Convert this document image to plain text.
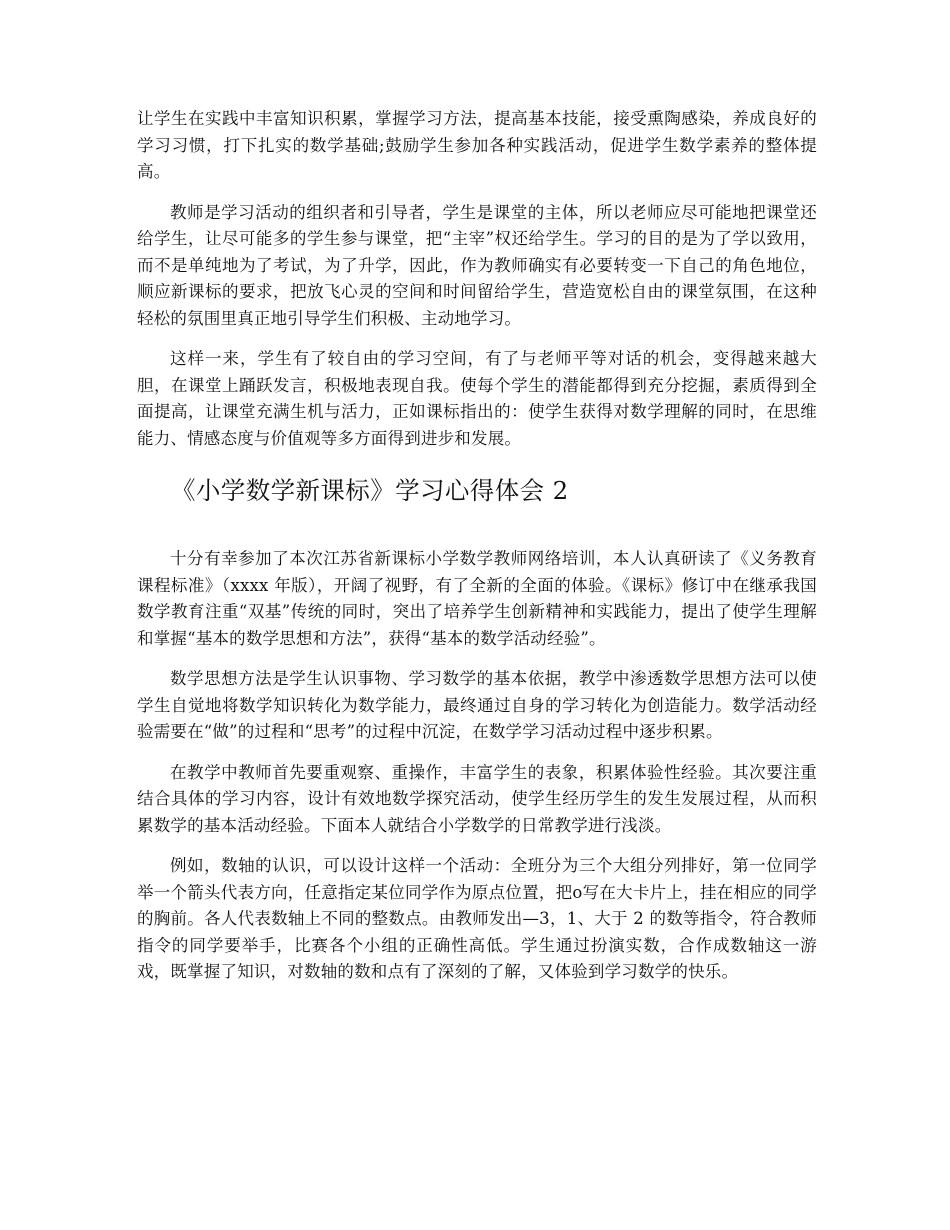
让学生在实践中丰富知识积累，掌握学习方法，提高基本技能，接受熏陶感染，养成良好的学习习惯，打下扎实的数学基础;鼓励学生参加各种实践活动，促进学生数学素养的整体提高。

教师是学习活动的组织者和引导者，学生是课堂的主体，所以老师应尽可能地把课堂还给学生，让尽可能多的学生参与课堂，把“主宰”权还给学生。学习的目的是为了学以致用，而不是单纯地为了考试，为了升学，因此，作为教师确实有必要转变一下自己的角色地位，顺应新课标的要求，把放飞心灵的空间和时间留给学生，营造宽松自由的课堂氛围，在这种轻松的氛围里真正地引导学生们积极、主动地学习。

这样一来，学生有了较自由的学习空间，有了与老师平等对话的机会，变得越来越大胆，在课堂上踊跃发言，积极地表现自我。使每个学生的潜能都得到充分挖掘，素质得到全面提高，让课堂充满生机与活力，正如课标指出的：使学生获得对数学理解的同时，在思维能力、情感态度与价值观等多方面得到进步和发展。

《小学数学新课标》学习心得体会 2

十分有幸参加了本次江苏省新课标小学数学教师网络培训，本人认真研读了《义务教育课程标准》（xxxx 年版），开阔了视野，有了全新的全面的体验。《课标》修订中在继承我国数学教育注重“双基”传统的同时，突出了培养学生创新精神和实践能力，提出了使学生理解和掌握“基本的数学思想和方法”，获得“基本的数学活动经验”。

数学思想方法是学生认识事物、学习数学的基本依据，教学中渗透数学思想方法可以使学生自觉地将数学知识转化为数学能力，最终通过自身的学习转化为创造能力。数学活动经验需要在“做”的过程和“思考”的过程中沉淀，在数学学习活动过程中逐步积累。

在教学中教师首先要重观察、重操作，丰富学生的表象，积累体验性经验。其次要注重结合具体的学习内容，设计有效地数学探究活动，使学生经历学生的发生发展过程，从而积累数学的基本活动经验。下面本人就结合小学数学的日常教学进行浅淡。

例如，数轴的认识，可以设计这样一个活动：全班分为三个大组分列排好，第一位同学举一个箭头代表方向，任意指定某位同学作为原点位置，把o写在大卡片上，挂在相应的同学的胸前。各人代表数轴上不同的整数点。由教师发出—3，1、大于 2 的数等指令，符合教师指令的同学要举手，比赛各个小组的正确性高低。学生通过扮演实数，合作成数轴这一游戏，既掌握了知识，对数轴的数和点有了深刻的了解，又体验到学习数学的快乐。
